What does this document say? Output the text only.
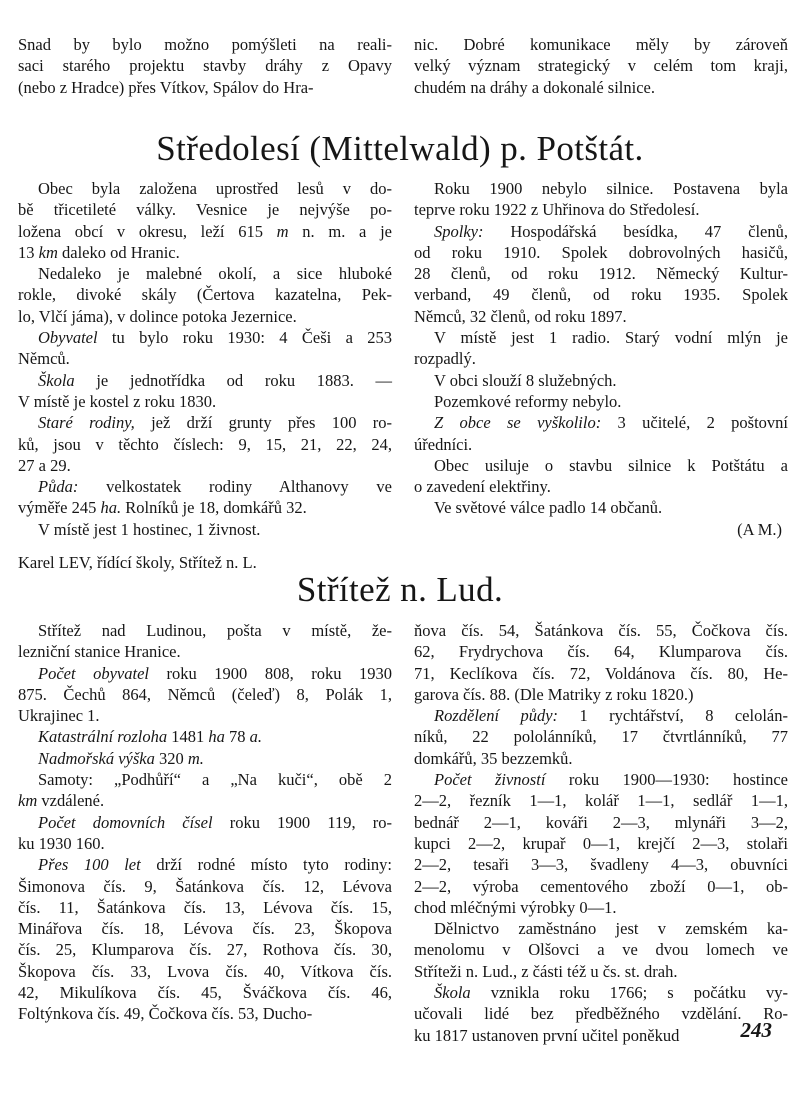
Snad by bylo možno pomýšleti na reali-

saci starého projektu stavby dráhy z Opavy

(nebo z Hradce) přes Vítkov, Spálov do Hra-

nic. Dobré komunikace měly by zároveň

velký význam strategický v celém tom kraji,

chudém na dráhy a dokonalé silnice.

Středolesí (Mittelwald) p. Potštát.

Obec byla založena uprostřed lesů v do-

bě třicetileté války. Vesnice je nejvýše po-

ložena obcí v okresu, leží 615 m n. m. a je

13 km daleko od Hranic.

Nedaleko je malebné okolí, a sice hluboké

rokle, divoké skály (Čertova kazatelna, Pek-

lo, Vlčí jáma), v dolince potoka Jezernice.

Obyvatel tu bylo roku 1930: 4 Češi a 253

Němců.

Škola je jednotřídka od roku 1883. —

V místě je kostel z roku 1830.

Staré rodiny, jež drží grunty přes 100 ro-

ků, jsou v těchto číslech: 9, 15, 21, 22, 24,

27 a 29.

Půda: velkostatek rodiny Althanovy ve

výměře 245 ha. Rolníků je 18, domkářů 32.

V místě jest 1 hostinec, 1 živnost.

Roku 1900 nebylo silnice. Postavena byla

teprve roku 1922 z Uhřinova do Středolesí.

Spolky: Hospodářská besídka, 47 členů,

od roku 1910. Spolek dobrovolných hasičů,

28 členů, od roku 1912. Německý Kultur-

verband, 49 členů, od roku 1935. Spolek

Němců, 32 členů, od roku 1897.

V místě jest 1 radio. Starý vodní mlýn je

rozpadlý.

V obci slouží 8 služebných.

Pozemkové reformy nebylo.

Z obce se vyškolilo: 3 učitelé, 2 poštovní

úředníci.

Obec usiluje o stavbu silnice k Potštátu a

o zavedení elektřiny.

Ve světové válce padlo 14 občanů.

(A M.)

Karel LEV, řídící školy, Střítež n. L.

Střítež n. Lud.

Střítež nad Ludinou, pošta v místě, že-

lezniční stanice Hranice.

Počet obyvatel roku 1900 808, roku 1930

875. Čechů 864, Němců (čeleď) 8, Polák 1,

Ukrajinec 1.

Katastrální rozloha 1481 ha 78 a.

Nadmořská výška 320 m.

Samoty: „Podhůří“ a „Na kuči“, obě 2

km vzdálené.

Počet domovních čísel roku 1900 119, ro-

ku 1930 160.

Přes 100 let drží rodné místo tyto rodiny:

Šimonova čís. 9, Šatánkova čís. 12, Lévova

čís. 11, Šatánkova čís. 13, Lévova čís. 15,

Minářova čís. 18, Lévova čís. 23, Škopova

čís. 25, Klumparova čís. 27, Rothova čís. 30,

Škopova čís. 33, Lvova čís. 40, Vítkova čís.

42, Mikulíkova čís. 45, Šváčkova čís. 46,

Foltýnkova čís. 49, Čočkova čís. 53, Ducho-

ňova čís. 54, Šatánkova čís. 55, Čočkova čís.

62, Frydrychova čís. 64, Klumparova čís.

71, Keclíkova čís. 72, Voldánova čís. 80, He-

garova čís. 88. (Dle Matriky z roku 1820.)

Rozdělení půdy: 1 rychtářství, 8 celolán-

níků, 22 pololánníků, 17 čtvrtlánníků, 77

domkářů, 35 bezzemků.

Počet živností roku 1900—1930: hostince

2—2, řezník 1—1, kolář 1—1, sedlář 1—1,

bednář 2—1, kováři 2—3, mlynáři 3—2,

kupci 2—2, krupař 0—1, krejčí 2—3, stolaři

2—2, tesaři 3—3, švadleny 4—3, obuvníci

2—2, výroba cementového zboží 0—1, ob-

chod mléčnými výrobky 0—1.

Dělnictvo zaměstnáno jest v zemském ka-

menolomu v Olšovci a ve dvou lomech ve

Stříteži n. Lud., z části též u čs. st. drah.

Škola vznikla roku 1766; s počátku vy-

učovali lidé bez předběžného vzdělání. Ro-

ku 1817 ustanoven první učitel poněkud	243
